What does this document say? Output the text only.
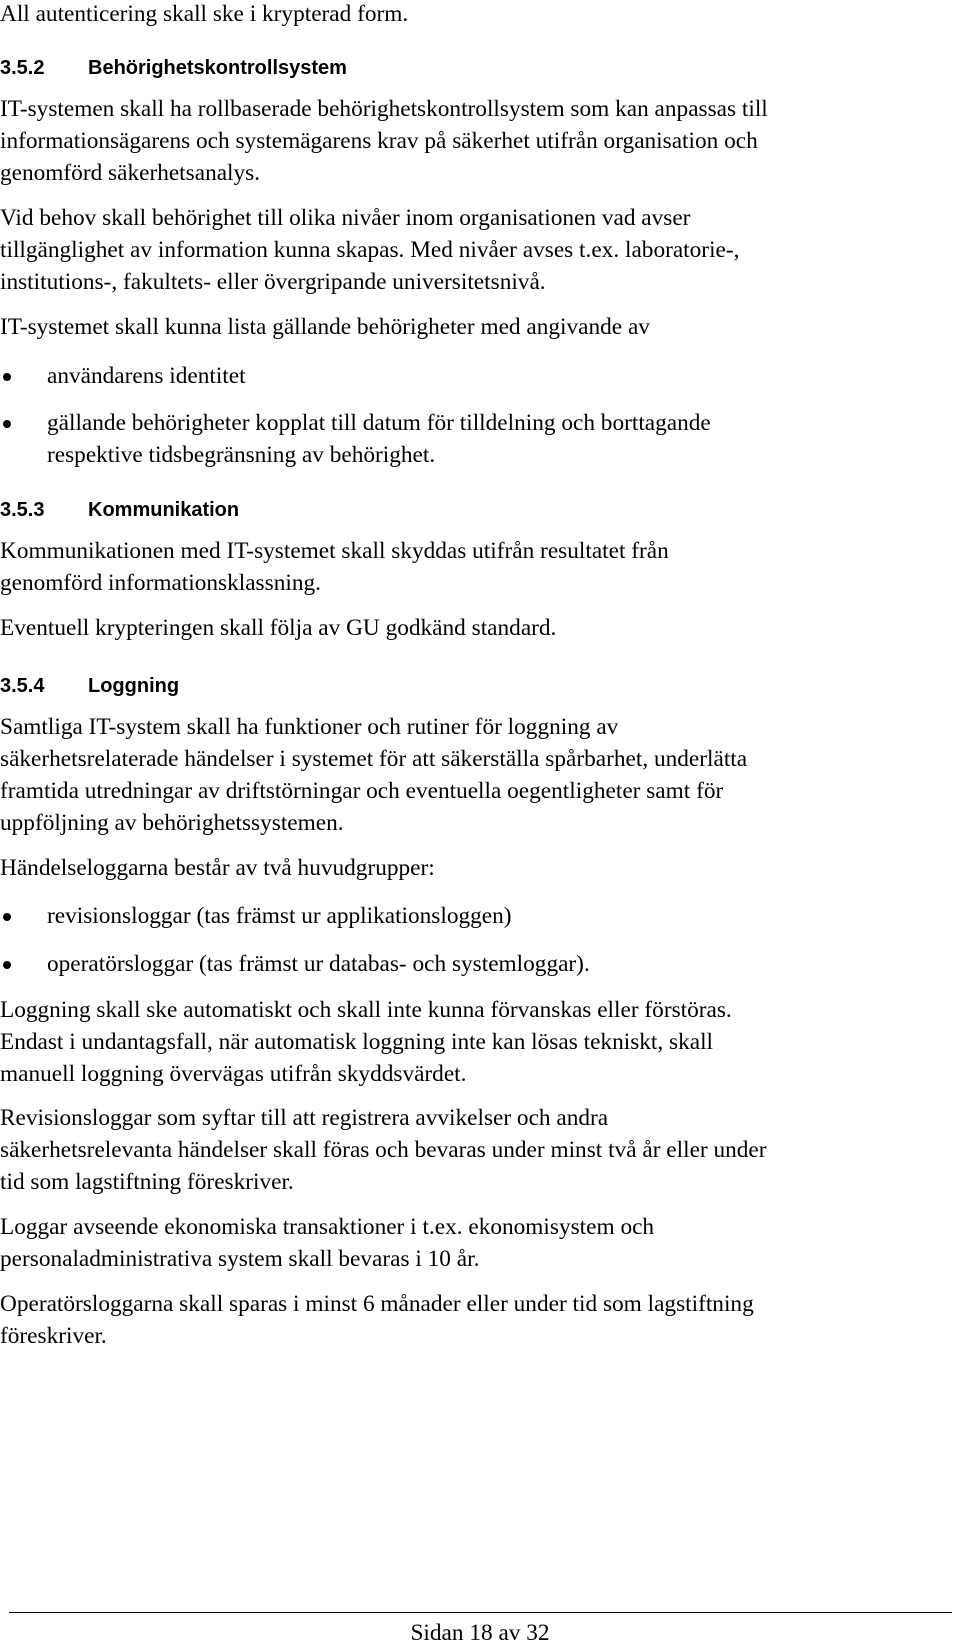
All autenticering skall ske i krypterad form.

3.5.2 Behörighetskontrollsystem

IT-systemen skall ha rollbaserade behörighetskontrollsystem som kan anpassas till
informationsägarens och systemägarens krav på säkerhet utifrån organisation och
genomförd säkerhetsanalys.

Vid behov skall behörighet till olika nivåer inom organisationen vad avser
tillgänglighet av information kunna skapas. Med nivåer avses t.ex. laboratorie-,
institutions-, fakultets- eller övergripande universitetsnivå.

IT-systemet skall kunna lista gällande behörigheter med angivande av

användarens identitet
gällande behörigheter kopplat till datum för tilldelning och borttagande
respektive tidsbegränsning av behörighet.
3.5.3 Kommunikation

Kommunikationen med IT-systemet skall skyddas utifrån resultatet från
genomförd informationsklassning.

Eventuell krypteringen skall följa av GU godkänd standard.

3.5.4 Loggning

Samtliga IT-system skall ha funktioner och rutiner för loggning av
säkerhetsrelaterade händelser i systemet för att säkerställa spårbarhet, underlätta
framtida utredningar av driftstörningar och eventuella oegentligheter samt för
uppföljning av behörighetssystemen.

Händelseloggarna består av två huvudgrupper:

revisionsloggar (tas främst ur applikationsloggen)
operatörsloggar (tas främst ur databas- och systemloggar).

Loggning skall ske automatiskt och skall inte kunna förvanskas eller förstöras.
Endast i undantagsfall, när automatisk loggning inte kan lösas tekniskt, skall
manuell loggning övervägas utifrån skyddsvärdet.

Revisionsloggar som syftar till att registrera avvikelser och andra
säkerhetsrelevanta händelser skall föras och bevaras under minst två år eller under
tid som lagstiftning föreskriver.

Loggar avseende ekonomiska transaktioner i t.ex. ekonomisystem och
personaladministrativa system skall bevaras i 10 år.

Operatörsloggarna skall sparas i minst 6 månader eller under tid som lagstiftning
föreskriver.

Sidan 18 av 32
